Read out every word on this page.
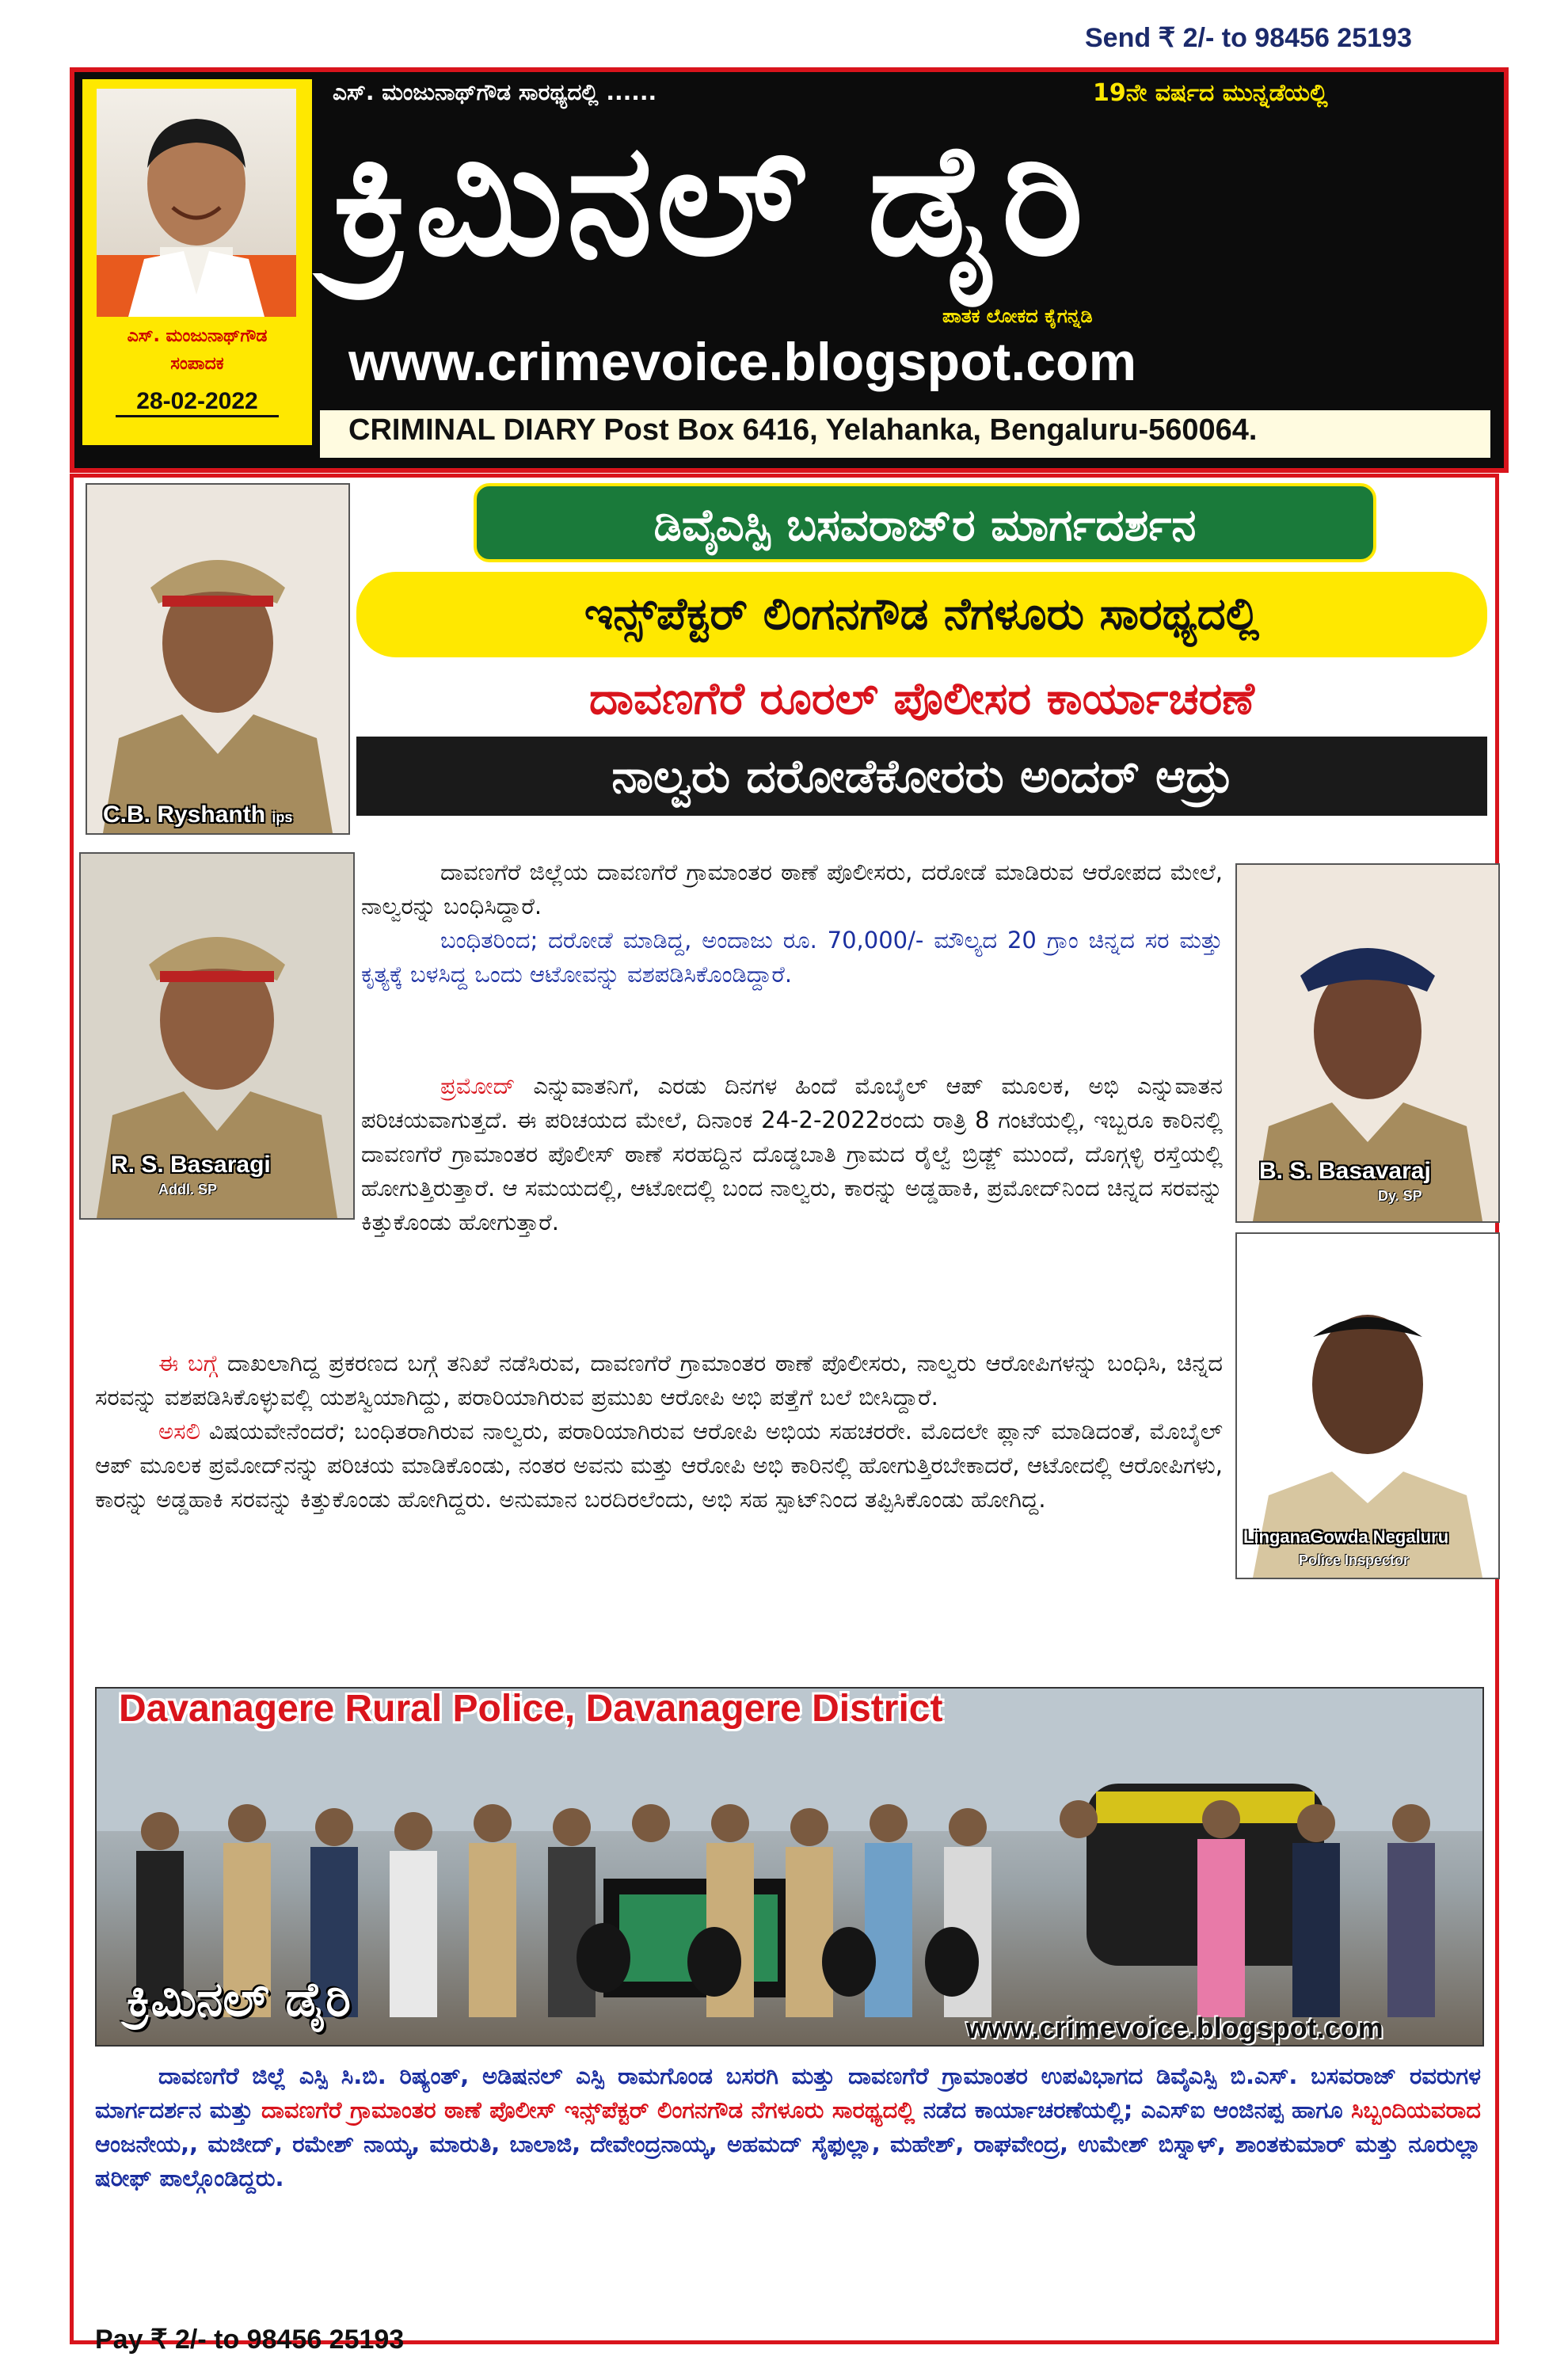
Send ₹ 2/- to 98456 25193
ಎಸ್. ಮಂಜುನಾಥ್‌ಗೌಡ
ಸಂಪಾದಕ
28-02-2022
ಎಸ್. ಮಂಜುನಾಥ್‌ಗೌಡ ಸಾರಥ್ಯದಲ್ಲಿ ......	19ನೇ ವರ್ಷದ ಮುನ್ನಡೆಯಲ್ಲಿ
ಕ್ರಿಮಿನಲ್ ಡೈರಿ
ಪಾತಕ ಲೋಕದ ಕೈಗನ್ನಡಿ
www.crimevoice.blogspot.com
CRIMINAL DIARY Post Box 6416, Yelahanka, Bengaluru-560064.
C.B. Ryshanth ips
R. S. Basaragi
Addl. SP
B. S. Basavaraj
Dy. SP
LinganaGowda Negaluru
Police Inspector
ಡಿವೈಎಸ್ಪಿ ಬಸವರಾಜ್‌ರ ಮಾರ್ಗದರ್ಶನ
ಇನ್ಸ್‌ಪೆಕ್ಟರ್ ಲಿಂಗನಗೌಡ ನೆಗಳೂರು ಸಾರಥ್ಯದಲ್ಲಿ
ದಾವಣಗೆರೆ ರೂರಲ್ ಪೊಲೀಸರ ಕಾರ್ಯಾಚರಣೆ
ನಾಲ್ವರು ದರೋಡೆಕೋರರು ಅಂದರ್ ಆದ್ರು

ದಾವಣಗೆರೆ ಜಿಲ್ಲೆಯ ದಾವಣಗೆರೆ ಗ್ರಾಮಾಂತರ ಠಾಣೆ ಪೊಲೀಸರು, ದರೋಡೆ ಮಾಡಿರುವ ಆರೋಪದ ಮೇಲೆ, ನಾಲ್ವರನ್ನು ಬಂಧಿಸಿದ್ದಾರೆ.

ಬಂಧಿತರಿಂದ; ದರೋಡೆ ಮಾಡಿದ್ದ, ಅಂದಾಜು ರೂ. 70,000/- ಮೌಲ್ಯದ 20 ಗ್ರಾಂ ಚಿನ್ನದ ಸರ ಮತ್ತು ಕೃತ್ಯಕ್ಕೆ ಬಳಸಿದ್ದ ಒಂದು ಆಟೋವನ್ನು ವಶಪಡಿಸಿಕೊಂಡಿದ್ದಾರೆ.

ಪ್ರಮೋದ್ ಎನ್ನುವಾತನಿಗೆ, ಎರಡು ದಿನಗಳ ಹಿಂದೆ ಮೊಬೈಲ್ ಆಪ್ ಮೂಲಕ, ಅಭಿ ಎನ್ನುವಾತನ ಪರಿಚಯವಾಗುತ್ತದೆ. ಈ ಪರಿಚಯದ ಮೇಲೆ, ದಿನಾಂಕ 24-2-2022ರಂದು ರಾತ್ರಿ 8 ಗಂಟೆಯಲ್ಲಿ, ಇಬ್ಬರೂ ಕಾರಿನಲ್ಲಿ ದಾವಣಗೆರೆ ಗ್ರಾಮಾಂತರ ಪೊಲೀಸ್ ಠಾಣೆ ಸರಹದ್ದಿನ ದೊಡ್ಡಬಾತಿ ಗ್ರಾಮದ ರೈಲ್ವೆ ಬ್ರಿಡ್ಜ್ ಮುಂದೆ, ದೊಗ್ಗಳ್ಳಿ ರಸ್ತೆಯಲ್ಲಿ ಹೋಗುತ್ತಿರುತ್ತಾರೆ. ಆ ಸಮಯದಲ್ಲಿ, ಆಟೋದಲ್ಲಿ ಬಂದ ನಾಲ್ವರು, ಕಾರನ್ನು ಅಡ್ಡಹಾಕಿ, ಪ್ರಮೋದ್‌ನಿಂದ ಚಿನ್ನದ ಸರವನ್ನು ಕಿತ್ತುಕೊಂಡು ಹೋಗುತ್ತಾರೆ.

ಈ ಬಗ್ಗೆ ದಾಖಲಾಗಿದ್ದ ಪ್ರಕರಣದ ಬಗ್ಗೆ ತನಿಖೆ ನಡೆಸಿರುವ, ದಾವಣಗೆರೆ ಗ್ರಾಮಾಂತರ ಠಾಣೆ ಪೊಲೀಸರು, ನಾಲ್ವರು ಆರೋಪಿಗಳನ್ನು ಬಂಧಿಸಿ, ಚಿನ್ನದ ಸರವನ್ನು ವಶಪಡಿಸಿಕೊಳ್ಳುವಲ್ಲಿ ಯಶಸ್ವಿಯಾಗಿದ್ದು, ಪರಾರಿಯಾಗಿರುವ ಪ್ರಮುಖ ಆರೋಪಿ ಅಭಿ ಪತ್ತೆಗೆ ಬಲೆ ಬೀಸಿದ್ದಾರೆ.

ಅಸಲಿ ವಿಷಯವೇನೆಂದರೆ; ಬಂಧಿತರಾಗಿರುವ ನಾಲ್ವರು, ಪರಾರಿಯಾಗಿರುವ ಆರೋಪಿ ಅಭಿಯ ಸಹಚರರೇ. ಮೊದಲೇ ಪ್ಲಾನ್ ಮಾಡಿದಂತೆ, ಮೊಬೈಲ್ ಆಪ್ ಮೂಲಕ ಪ್ರಮೋದ್‌ನನ್ನು ಪರಿಚಯ ಮಾಡಿಕೊಂಡು, ನಂತರ ಅವನು ಮತ್ತು ಆರೋಪಿ ಅಭಿ ಕಾರಿನಲ್ಲಿ ಹೋಗುತ್ತಿರಬೇಕಾದರೆ, ಆಟೋದಲ್ಲಿ ಆರೋಪಿಗಳು, ಕಾರನ್ನು ಅಡ್ಡಹಾಕಿ ಸರವನ್ನು ಕಿತ್ತುಕೊಂಡು ಹೋಗಿದ್ದರು. ಅನುಮಾನ ಬರದಿರಲೆಂದು, ಅಭಿ ಸಹ ಸ್ಪಾಟ್‌ನಿಂದ ತಪ್ಪಿಸಿಕೊಂಡು ಹೋಗಿದ್ದ.

Davanagere Rural Police, Davanagere District
ಕ್ರಿಮಿನಲ್ ಡೈರಿ
www.crimevoice.blogspot.com

ದಾವಣಗೆರೆ ಜಿಲ್ಲೆ ಎಸ್ಪಿ ಸಿ.ಬಿ. ರಿಷ್ಯಂತ್, ಅಡಿಷನಲ್ ಎಸ್ಪಿ ರಾಮಗೊಂಡ ಬಸರಗಿ ಮತ್ತು ದಾವಣಗೆರೆ ಗ್ರಾಮಾಂತರ ಉಪವಿಭಾಗದ ಡಿವೈಎಸ್ಪಿ ಬಿ.ಎಸ್. ಬಸವರಾಜ್ ರವರುಗಳ ಮಾರ್ಗದರ್ಶನ ಮತ್ತು ದಾವಣಗೆರೆ ಗ್ರಾಮಾಂತರ ಠಾಣೆ ಪೊಲೀಸ್ ಇನ್ಸ್‌ಪೆಕ್ಟರ್ ಲಿಂಗನಗೌಡ ನೆಗಳೂರು ಸಾರಥ್ಯದಲ್ಲಿ ನಡೆದ ಕಾರ್ಯಾಚರಣೆಯಲ್ಲಿ; ಎಎಸ್‌ಐ ಆಂಜಿನಪ್ಪ ಹಾಗೂ ಸಿಬ್ಬಂದಿಯವರಾದ ಆಂಜನೇಯ,, ಮಜೀದ್, ರಮೇಶ್ ನಾಯ್ಕ, ಮಾರುತಿ, ಬಾಲಾಜಿ, ದೇವೇಂದ್ರನಾಯ್ಕ, ಅಹಮದ್ ಸೈಫುಲ್ಲಾ, ಮಹೇಶ್, ರಾಘವೇಂದ್ರ, ಉಮೇಶ್ ಬಿಸ್ನಾಳ್, ಶಾಂತಕುಮಾರ್ ಮತ್ತು ನೂರುಲ್ಲಾ ಷರೀಫ್ ಪಾಲ್ಗೊಂಡಿದ್ದರು.

Pay ₹ 2/- to 98456 25193
